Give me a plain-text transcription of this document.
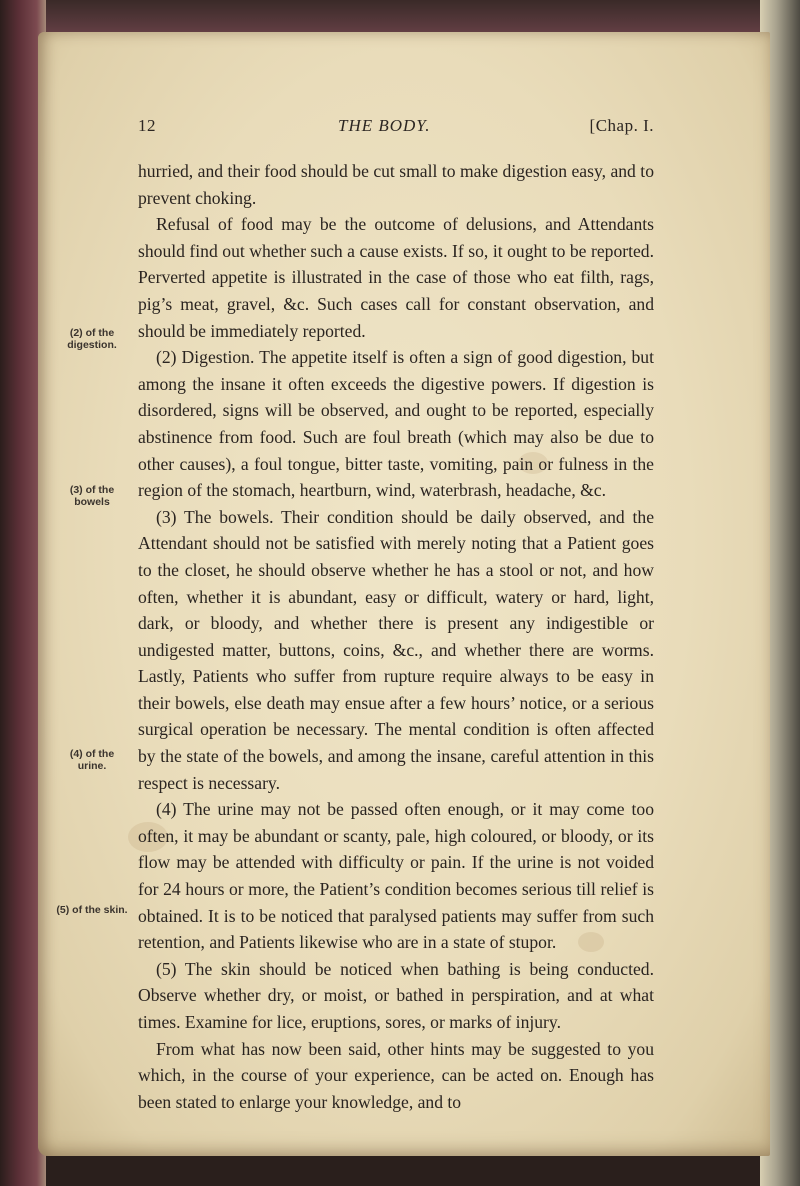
12	THE BODY.	[Chap. I.
(2) of the digestion.
(3) of the bowels
(4) of the urine.
(5) of the skin.

hurried, and their food should be cut small to make digestion easy, and to prevent choking.

Refusal of food may be the outcome of delusions, and Attendants should find out whether such a cause exists. If so, it ought to be reported. Perverted appetite is illustrated in the case of those who eat filth, rags, pig’s meat, gravel, &c. Such cases call for constant observation, and should be immediately reported.

(2) Digestion. The appetite itself is often a sign of good digestion, but among the insane it often exceeds the digestive powers. If digestion is disordered, signs will be observed, and ought to be reported, especially abstinence from food. Such are foul breath (which may also be due to other causes), a foul tongue, bitter taste, vomiting, pain or fulness in the region of the stomach, heartburn, wind, waterbrash, headache, &c.

(3) The bowels. Their condition should be daily observed, and the Attendant should not be satisfied with merely noting that a Patient goes to the closet, he should observe whether he has a stool or not, and how often, whether it is abundant, easy or difficult, watery or hard, light, dark, or bloody, and whether there is present any indigestible or undigested matter, buttons, coins, &c., and whether there are worms. Lastly, Patients who suffer from rupture require always to be easy in their bowels, else death may ensue after a few hours’ notice, or a serious surgical operation be necessary. The mental condition is often affected by the state of the bowels, and among the insane, careful attention in this respect is necessary.

(4) The urine may not be passed often enough, or it may come too often, it may be abundant or scanty, pale, high coloured, or bloody, or its flow may be attended with difficulty or pain. If the urine is not voided for 24 hours or more, the Patient’s condition becomes serious till relief is obtained. It is to be noticed that paralysed patients may suffer from such retention, and Patients likewise who are in a state of stupor.

(5) The skin should be noticed when bathing is being conducted. Observe whether dry, or moist, or bathed in perspiration, and at what times. Examine for lice, eruptions, sores, or marks of injury.

From what has now been said, other hints may be suggested to you which, in the course of your experience, can be acted on. Enough has been stated to enlarge your knowledge, and to
